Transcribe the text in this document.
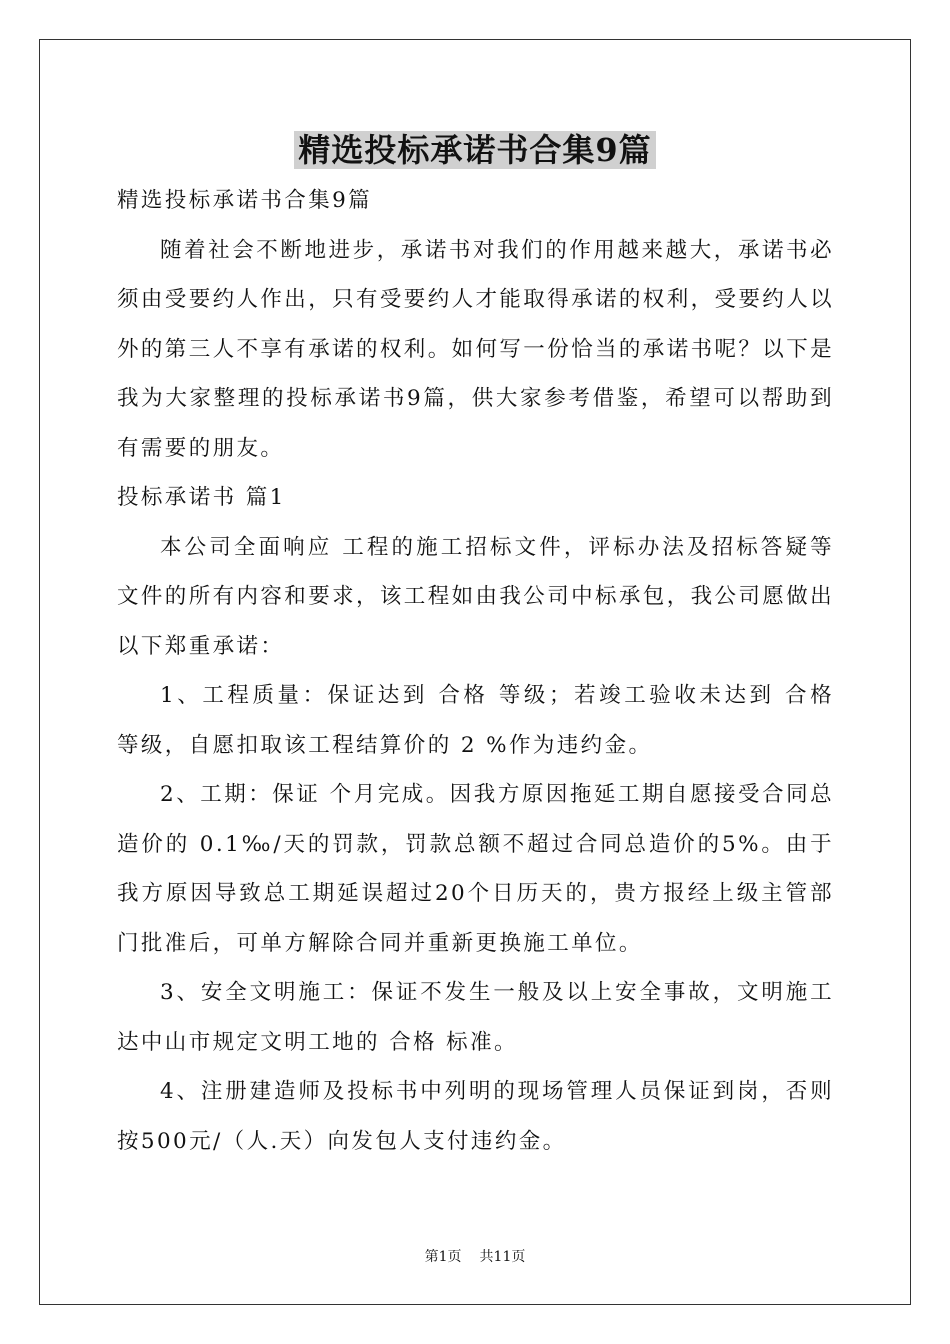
精选投标承诺书合集9篇

精选投标承诺书合集9篇

随着社会不断地进步，承诺书对我们的作用越来越大，承诺书必须由受要约人作出，只有受要约人才能取得承诺的权利，受要约人以外的第三人不享有承诺的权利。如何写一份恰当的承诺书呢？以下是我为大家整理的投标承诺书9篇，供大家参考借鉴，希望可以帮助到有需要的朋友。

投标承诺书 篇1

本公司全面响应 工程的施工招标文件，评标办法及招标答疑等文件的所有内容和要求，该工程如由我公司中标承包，我公司愿做出以下郑重承诺：

1、工程质量：保证达到 合格 等级；若竣工验收未达到 合格 等级，自愿扣取该工程结算价的 2 %作为违约金。

2、工期：保证 个月完成。因我方原因拖延工期自愿接受合同总造价的 0.1‰/天的罚款，罚款总额不超过合同总造价的5%。由于我方原因导致总工期延误超过20个日历天的，贵方报经上级主管部门批准后，可单方解除合同并重新更换施工单位。

3、安全文明施工：保证不发生一般及以上安全事故，文明施工达中山市规定文明工地的 合格 标准。

4、注册建造师及投标书中列明的现场管理人员保证到岗，否则按500元/（人.天）向发包人支付违约金。

第1页 共11页
